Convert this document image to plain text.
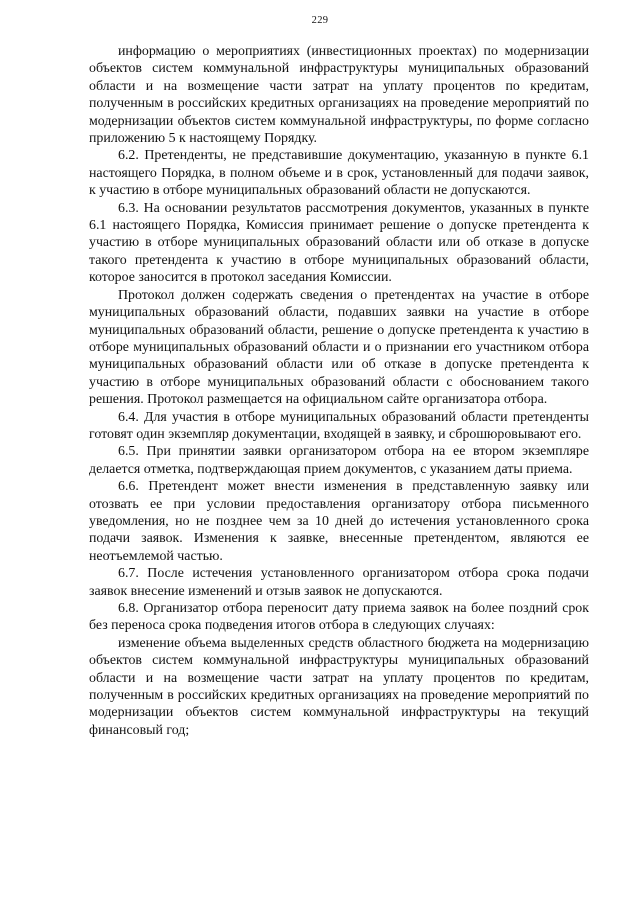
229

информацию о мероприятиях (инвестиционных проектах) по модернизации объектов систем коммунальной инфраструктуры муниципальных образований области и на возмещение части затрат на уплату процентов по кредитам, полученным в российских кредитных организациях на проведение мероприятий по модернизации объектов систем коммунальной инфраструктуры, по форме согласно приложению 5 к настоящему Порядку.

6.2. Претенденты, не представившие документацию, указанную в пункте 6.1 настоящего Порядка, в полном объеме и в срок, установленный для подачи заявок, к участию в отборе муниципальных образований области не допускаются.

6.3. На основании результатов рассмотрения документов, указанных в пункте 6.1 настоящего Порядка, Комиссия принимает решение о допуске претендента к участию в отборе муниципальных образований области или об отказе в допуске такого претендента к участию в отборе муниципальных образований области, которое заносится в протокол заседания Комиссии.

Протокол должен содержать сведения о претендентах на участие в отборе муниципальных образований области, подавших заявки на участие в отборе муниципальных образований области, решение о допуске претендента к участию в отборе муниципальных образований области и о признании его участником отбора муниципальных образований области или об отказе в допуске претендента к участию в отборе муниципальных образований области с обоснованием такого решения. Протокол размещается на официальном сайте организатора отбора.

6.4. Для участия в отборе муниципальных образований области претенденты готовят один экземпляр документации, входящей в заявку, и сброшюровывают его.

6.5. При принятии заявки организатором отбора на ее втором экземпляре делается отметка, подтверждающая прием документов, с указанием даты приема.

6.6. Претендент может внести изменения в представленную заявку или отозвать ее при условии предоставления организатору отбора письменного уведомления, но не позднее чем за 10 дней до истечения установленного срока подачи заявок. Изменения к заявке, внесенные претендентом, являются ее неотъемлемой частью.

6.7. После истечения установленного организатором отбора срока подачи заявок внесение изменений и отзыв заявок не допускаются.

6.8. Организатор отбора переносит дату приема заявок на более поздний срок без переноса срока подведения итогов отбора в следующих случаях:

изменение объема выделенных средств областного бюджета на модернизацию объектов систем коммунальной инфраструктуры муниципальных образований области и на возмещение части затрат на уплату процентов по кредитам, полученным в российских кредитных организациях на проведение мероприятий по модернизации объектов систем коммунальной инфраструктуры на текущий финансовый год;
